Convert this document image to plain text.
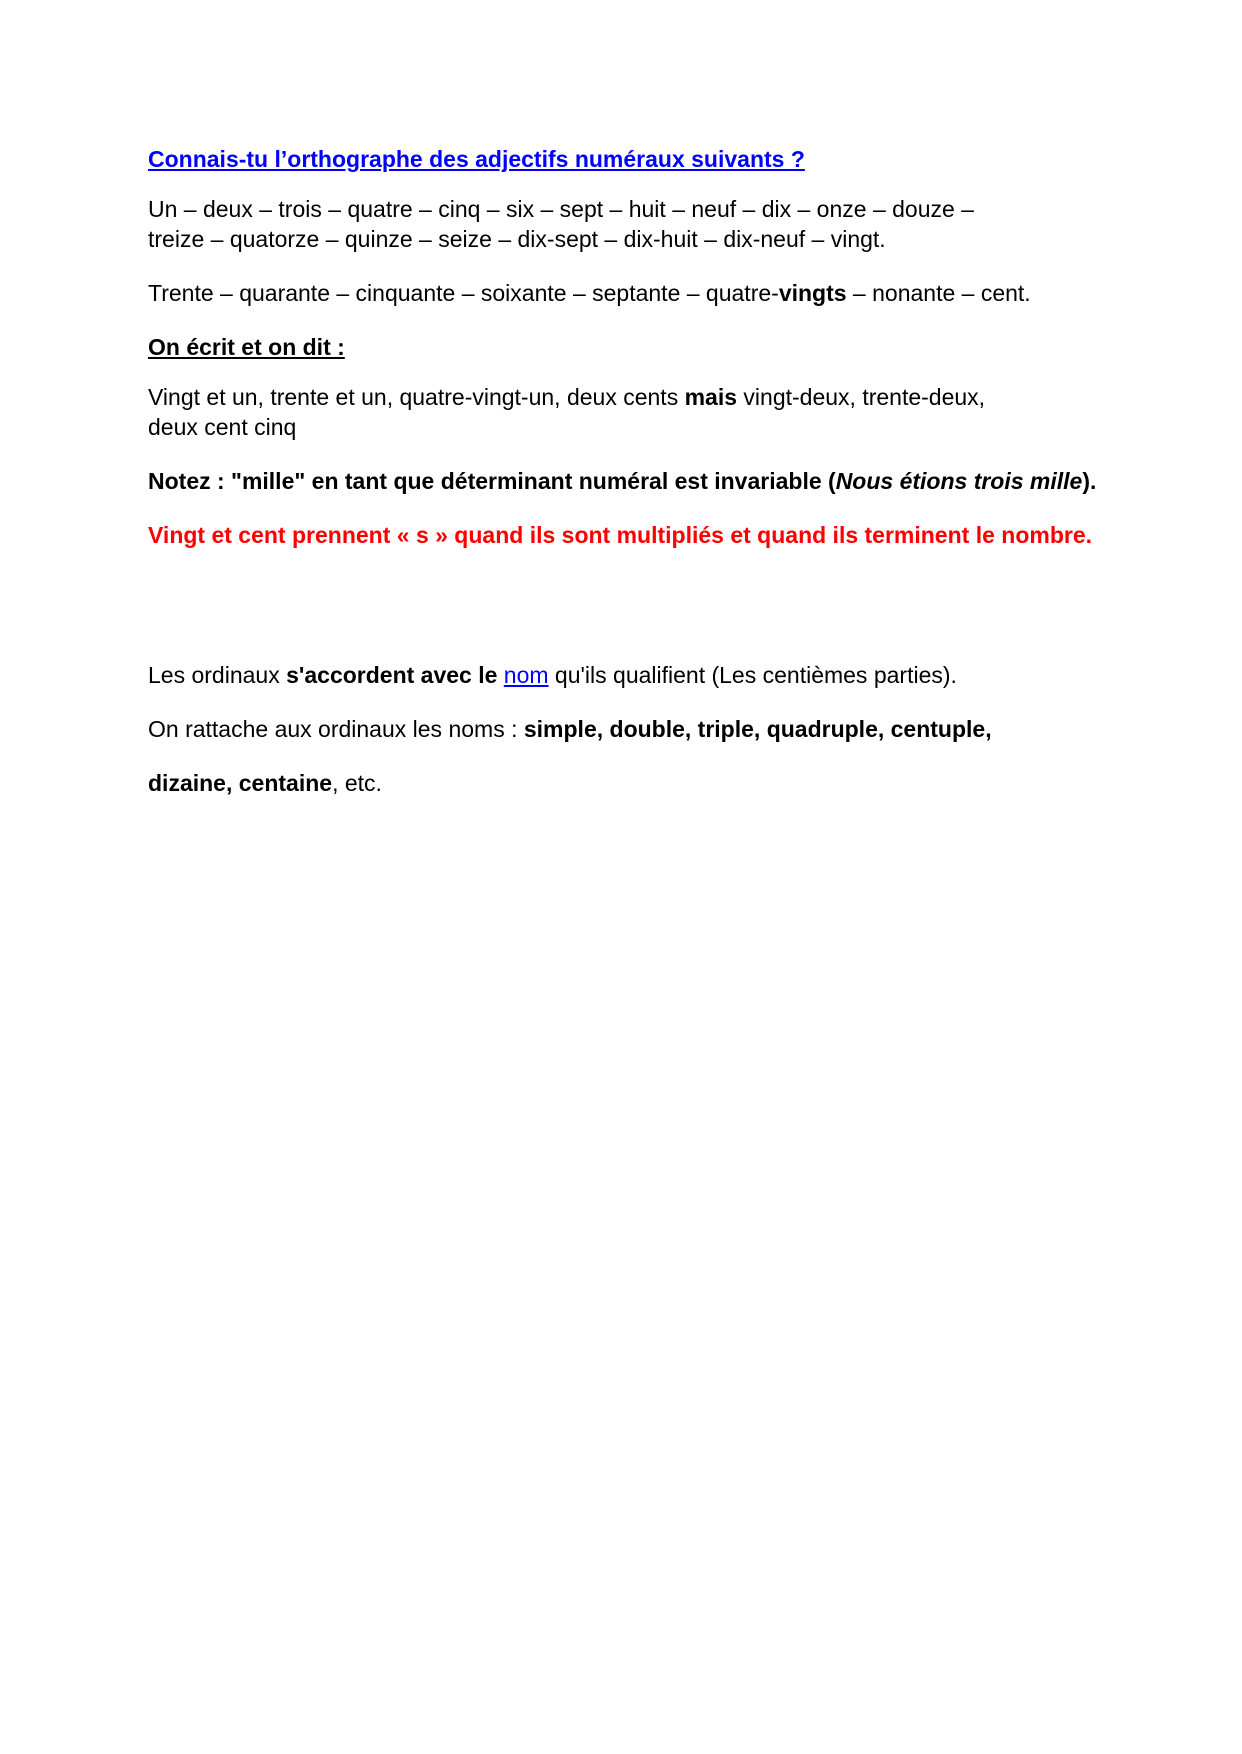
Connais-tu l’orthographe des adjectifs numéraux suivants ?

Un – deux – trois – quatre – cinq – six – sept – huit – neuf – dix – onze – douze –

treize – quatorze – quinze – seize – dix-sept – dix-huit – dix-neuf – vingt.

Trente – quarante – cinquante – soixante – septante – quatre-vingts – nonante – cent.

On écrit et on dit :

Vingt et un, trente et un, quatre-vingt-un, deux cents mais vingt-deux, trente-deux,

deux cent cinq

Notez : "mille" en tant que déterminant numéral est invariable (Nous étions trois mille).

Vingt et cent prennent « s » quand ils sont multipliés et quand ils terminent le nombre.

Les ordinaux s'accordent avec le nom qu'ils qualifient (Les centièmes parties).

On rattache aux ordinaux les noms : simple, double, triple, quadruple, centuple,

dizaine, centaine, etc.
